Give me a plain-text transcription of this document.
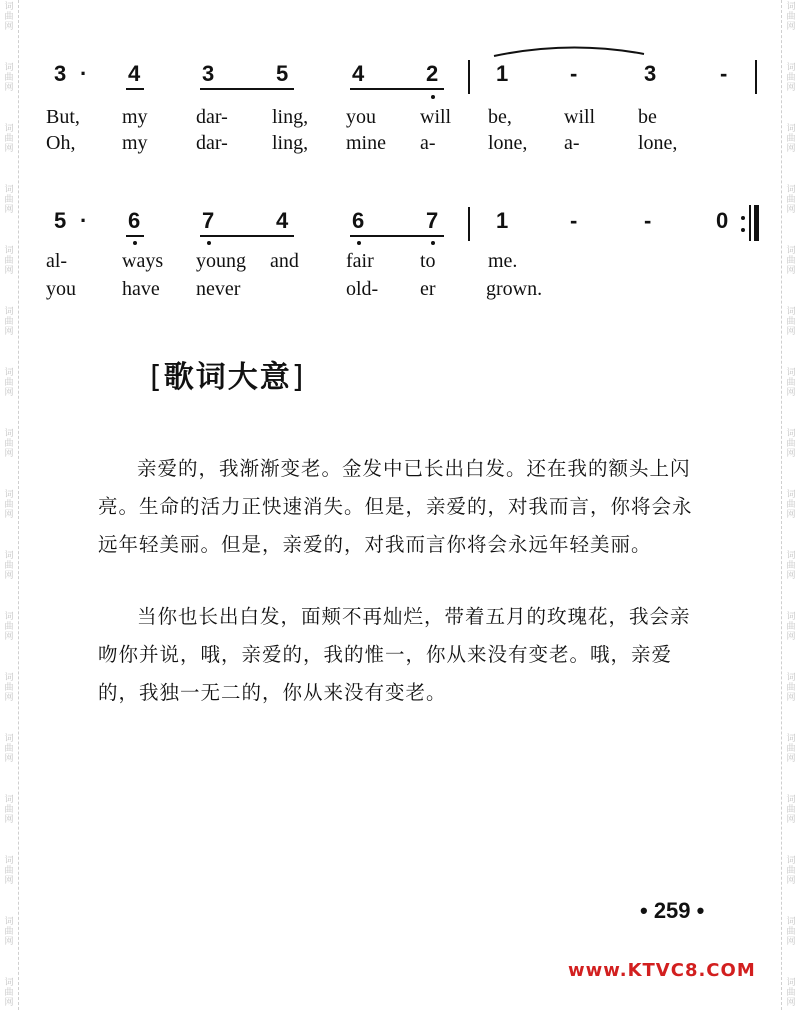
词
曲
网
词
曲
网
词
曲
网
词
曲
网
词
曲
网
词
曲
网
词
曲
网
词
曲
网
词
曲
网
词
曲
网
词
曲
网
词
曲
网
词
曲
网
词
曲
网
词
曲
网
词
曲
网
词
曲
网
词
曲
网
词
曲
网
词
曲
网
词
曲
网
词
曲
网
词
曲
网
词
曲
网
词
曲
网
词
曲
网
词
曲
网
词
曲
网
词
曲
网
词
曲
网
词
曲
网
词
曲
网
词
曲
网
词
曲
网
3 · 4	3	5	4	2	1	-	3	-
But, my dar- ling, you will be,	will be
Oh, my dar- ling, mine a-	lone, a-	lone,
5 · 6	7	4	6	7	1	-	-	0
al-	ways young and fair to	me.
you have never	old- er	grown.
[歌词大意]

亲爱的，我渐渐变老。金发中已长出白发。还在我的额头上闪亮。生命的活力正快速消失。但是，亲爱的，对我而言，你将会永远年轻美丽。但是，亲爱的，对我而言你将会永远年轻美丽。

当你也长出白发，面颊不再灿烂，带着五月的玫瑰花，我会亲吻你并说，哦，亲爱的，我的惟一，你从来没有变老。哦，亲爱的，我独一无二的，你从来没有变老。

• 259 •
www.KTVC8.COM
